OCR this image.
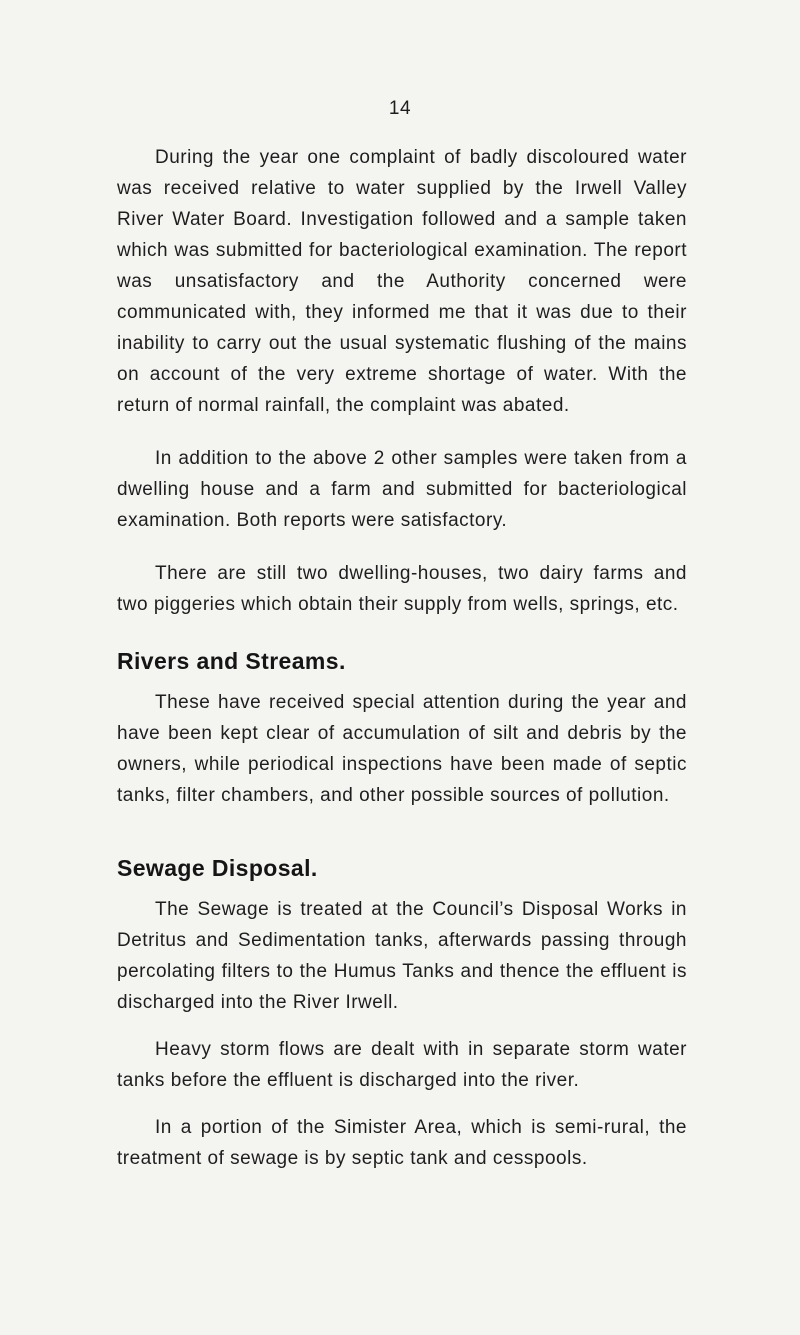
14

During the year one complaint of badly discoloured water was received relative to water supplied by the Irwell Valley River Water Board. Investigation followed and a sample taken which was submitted for bacteriological examination. The report was unsatisfactory and the Authority concerned were communicated with, they informed me that it was due to their inability to carry out the usual systematic flushing of the mains on account of the very extreme shortage of water. With the return of normal rainfall, the complaint was abated.

In addition to the above 2 other samples were taken from a dwelling house and a farm and submitted for bacteriological examination. Both reports were satisfactory.

There are still two dwelling-houses, two dairy farms and two piggeries which obtain their supply from wells, springs, etc.

Rivers and Streams.

These have received special attention during the year and have been kept clear of accumulation of silt and debris by the owners, while periodical inspections have been made of septic tanks, filter chambers, and other possible sources of pollution.

Sewage Disposal.

The Sewage is treated at the Council’s Disposal Works in Detritus and Sedimentation tanks, afterwards passing through percolating filters to the Humus Tanks and thence the effluent is discharged into the River Irwell.

Heavy storm flows are dealt with in separate storm water tanks before the effluent is discharged into the river.

In a portion of the Simister Area, which is semi-rural, the treatment of sewage is by septic tank and cesspools.
